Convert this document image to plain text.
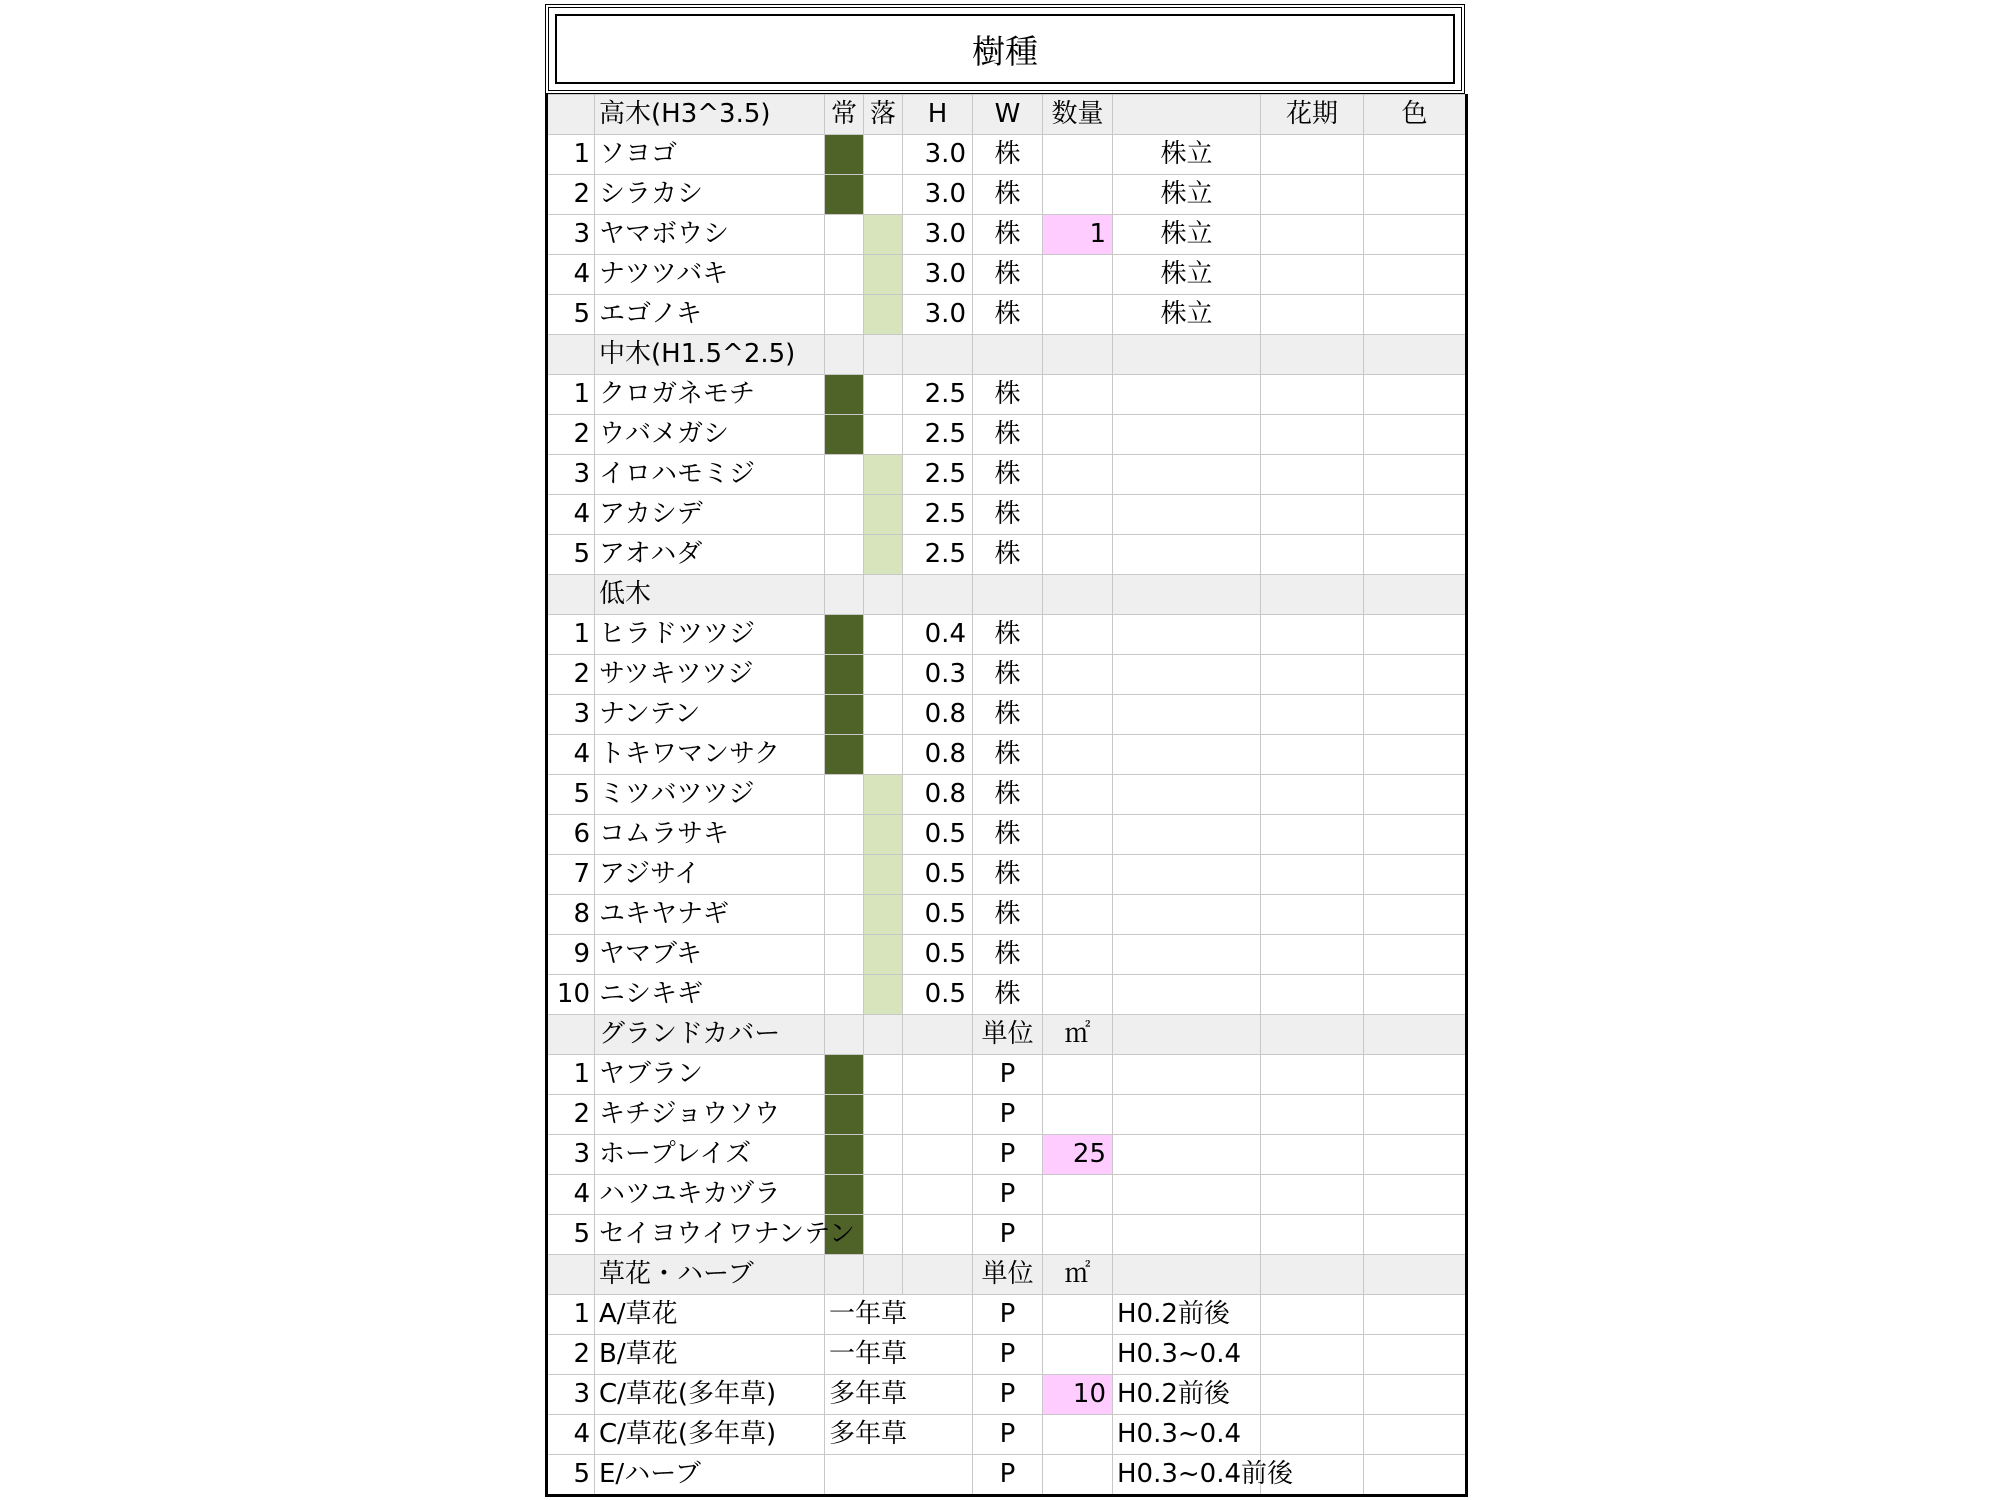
樹種
	高木(H3^3.5)	常	落	H	W	数量		花期	色
1	ソヨゴ			3.0	株		株立		
2	シラカシ			3.0	株		株立		
3	ヤマボウシ			3.0	株	1	株立		
4	ナツツバキ			3.0	株		株立		
5	エゴノキ			3.0	株		株立		
	中木(H1.5^2.5)								
1	クロガネモチ			2.5	株				
2	ウバメガシ			2.5	株				
3	イロハモミジ			2.5	株				
4	アカシデ			2.5	株				
5	アオハダ			2.5	株				
	低木								
1	ヒラドツツジ			0.4	株				
2	サツキツツジ			0.3	株				
3	ナンテン			0.8	株				
4	トキワマンサク			0.8	株				
5	ミツバツツジ			0.8	株				
6	コムラサキ			0.5	株				
7	アジサイ			0.5	株				
8	ユキヤナギ			0.5	株				
9	ヤマブキ			0.5	株				
10	ニシキギ			0.5	株				
	グランドカバー				単位	㎡			
1	ヤブラン				P				
2	キチジョウソウ				P				
3	ホープレイズ				P	25			
4	ハツユキカヅラ				P				
5	セイヨウイワナンテン				P				
	草花・ハーブ				単位	㎡			
1	A/草花	一年草			P		H0.2前後		
2	B/草花	一年草			P		H0.3~0.4		
3	C/草花(多年草)	多年草			P	10	H0.2前後		
4	C/草花(多年草)	多年草			P		H0.3~0.4		
5	E/ハーブ				P		H0.3~0.4前後		
